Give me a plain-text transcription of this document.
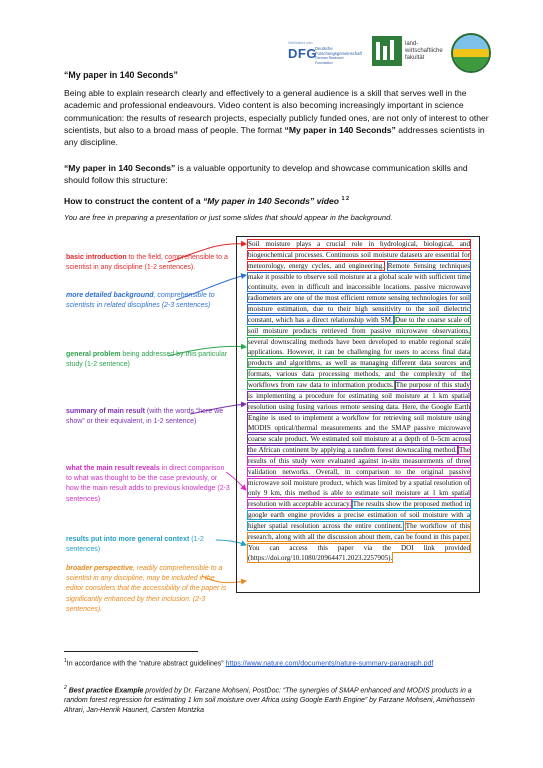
Gefördert von
DFG
Deutsche
Forschungsgemeinschaft
German Research Foundation
land-
wirtschaftliche
fakultät

“My paper in 140 Seconds”

Being able to explain research clearly and effectively to a general audience is a skill that serves well in the academic and professional endeavours. Video content is also becoming increasingly important in science communication: the results of research projects, especially publicly funded ones, are not only of interest to other scientists, but also to a broad mass of people. The format “My paper in 140 Seconds” addresses scientists in any discipline.

“My paper in 140 Seconds” is a valuable opportunity to develop and showcase communication skills and should follow this structure:

How to construct the content of a “My paper in 140 Seconds” video $^{1 2}$

You are free in preparing a presentation or just some slides that should appear in the background.

basic introduction to the field, comprehensible to a scientist in any discipline (1-2 sentences).
more detailed background, comprehensible to scientists in related disciplines (2-3 sentences)
general problem being addressed by this particular study (1-2 sentence)
summary of main result (with the words “here we show” or their equivalent, in 1-2 sentence)
what the main result reveals in direct comparison to what was thought to be the case previously, or how the main result adds to previous knowledge (2-3 sentences)
results put into more general context (1-2 sentences)
broader perspective, readily comprehensible to a scientist in any discipline, may be included if the editor considers that the accessibility of the paper is significantly enhanced by their inclusion. (2-3 sentences).
Soil moisture plays a crucial role in hydrological, biological, and biogeochemical processes. Continuous soil moisture datasets are essential for meteorology, energy cycles, and engineering. Remote Sensing techniques make it possible to observe soil moisture at a global scale with sufficient time continuity, even in difficult and inaccessible locations. passive microwave radiometers are one of the most efficient remote sensing technologies for soil moisture estimation, due to their high sensitivity to the soil dielectric constant, which has a direct relationship with SM. Due to the coarse scale of soil moisture products retrieved from passive microwave observations, several downscaling methods have been developed to enable regional scale applications. However, it can be challenging for users to access final data products and algorithms, as well as managing different data sources and formats, various data processing methods, and the complexity of the workflows from raw data to information products. The purpose of this study is implementing a procedure for estimating soil moisture at 1 km spatial resolution using fusing various remote sensing data. Here, the Google Earth Engine is used to implement a workflow for retrieving soil moisture using MODIS optical/thermal measurements and the SMAP passive microwave coarse scale product. We estimated soil moisture at a depth of 0–5cm across the African continent by applying a random forest downscaling method. The results of this study were evaluated against in-situ measurements of three validation networks. Overall, in comparison to the original passive microwave soil moisture product, which was limited by a spatial resolution of only 9 km, this method is able to estimate soil moisture at 1 km spatial resolution with acceptable accuracy. The results show the proposed method in google earth engine provides a precise estimation of soil moisture with a higher spatial resolution across the entire continent. The workflow of this research, along with all the discussion about them, can be found in this paper. You can access this paper via the DOI link provided (https://doi.org/10.1080/20964471.2023.2257905).
$^1$In accordance with the “nature abstract guidelines” https://www.nature.com/documents/nature-summary-paragraph.pdf
$^2$ Best practice Example provided by Dr. Farzane Mohseni, PostDoc: “The synergies of SMAP enhanced and MODIS products in a random forest regression for estimating 1 km soil moisture over Africa using Google Earth Engine” by Farzane Mohseni, Amirhossein Ahrari, Jan-Henrik Haunert, Carsten Montzka
